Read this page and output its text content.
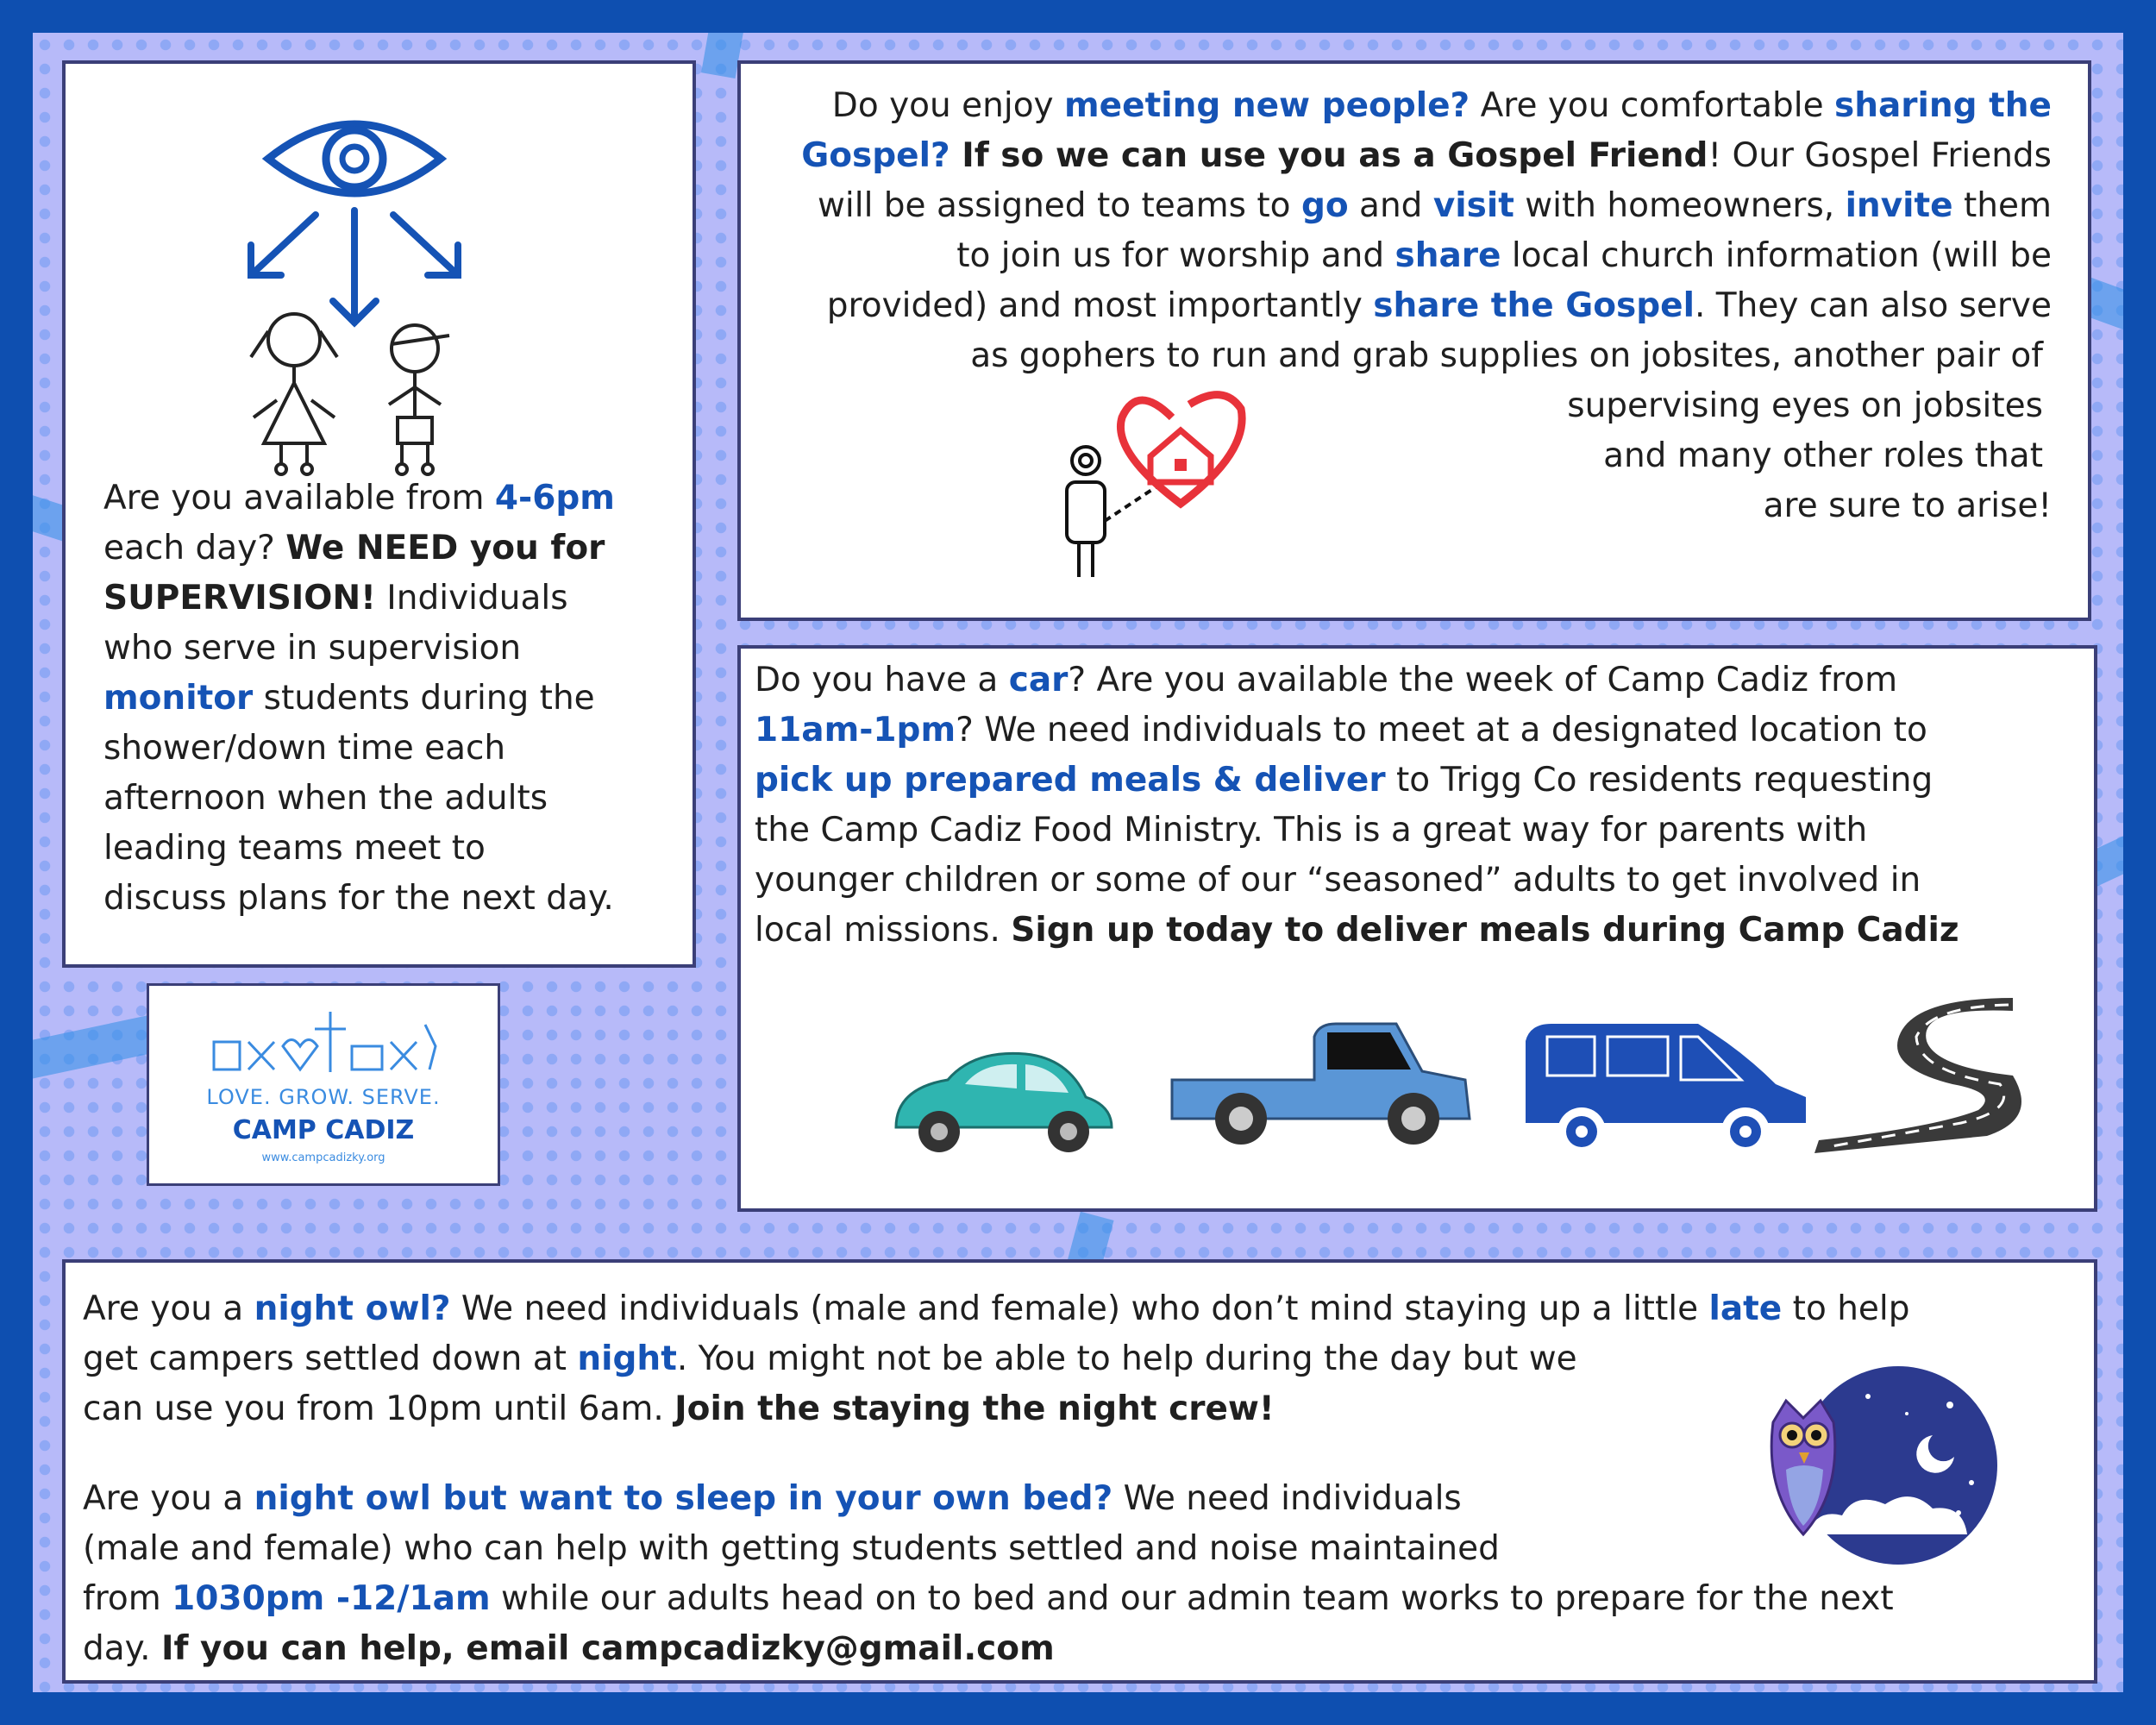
Are you available from 4-6pm
each day? We NEED you for
SUPERVISION! Individuals
who serve in supervision
monitor students during the
shower/down time each
afternoon when the adults
leading teams meet to
discuss plans for the next day.
LOVE. GROW. SERVE.
CAMP CADIZ
www.campcadizky.org
Do you enjoy meeting new people? Are you comfortable sharing the
Gospel? If so we can use you as a Gospel Friend! Our Gospel Friends
will be assigned to teams to go and visit with homeowners, invite them
to join us for worship and share local church information (will be
provided) and most importantly share the Gospel. They can also serve
as gophers to run and grab supplies on jobsites, another pair of
supervising eyes on jobsites
and many other roles that
are sure to arise!
Do you have a car? Are you available the week of Camp Cadiz from
11am-1pm? We need individuals to meet at a designated location to
pick up prepared meals & deliver to Trigg Co residents requesting
the Camp Cadiz Food Ministry. This is a great way for parents with
younger children or some of our “seasoned” adults to get involved in
local missions. Sign up today to deliver meals during Camp Cadiz
Are you a night owl? We need individuals (male and female) who don’t mind staying up a little late to help
get campers settled down at night. You might not be able to help during the day but we
can use you from 10pm until 6am. Join the staying the night crew!
Are you a night owl but want to sleep in your own bed? We need individuals
(male and female) who can help with getting students settled and noise maintained
from 1030pm -12/1am while our adults head on to bed and our admin team works to prepare for the next
day. If you can help, email campcadizky@gmail.com
